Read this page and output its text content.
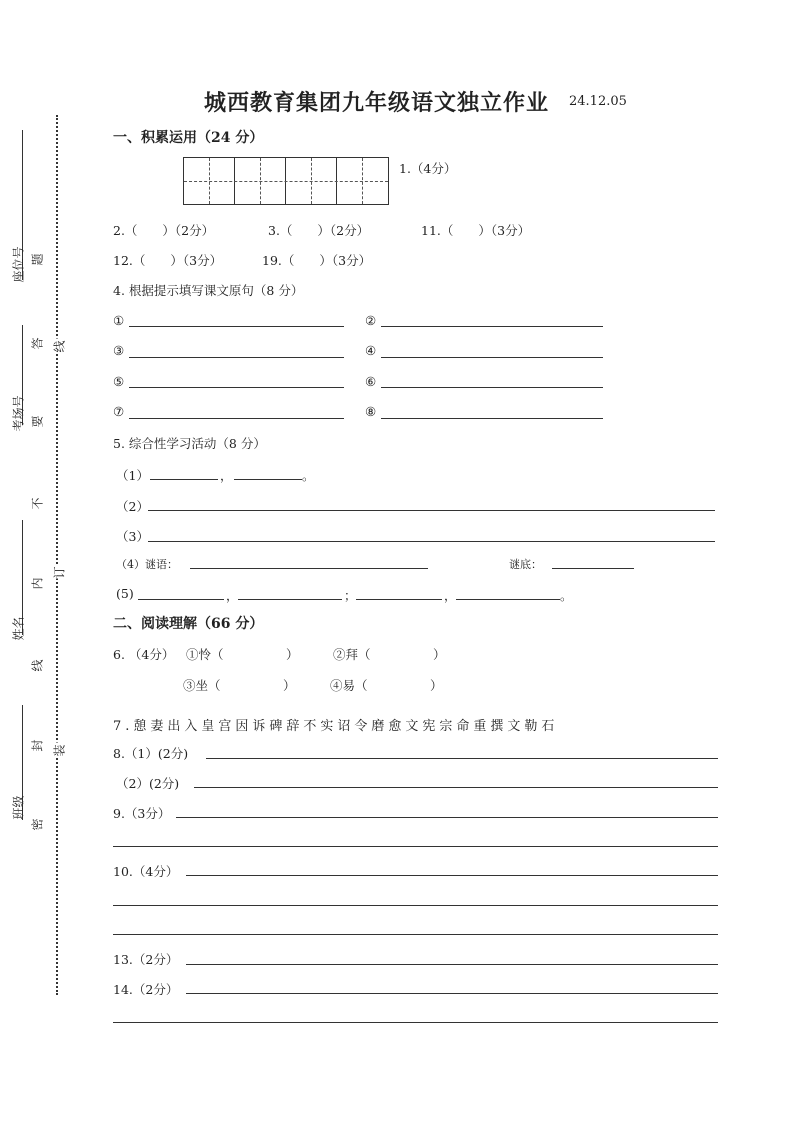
座位号
考场号
姓名
班级
题
答
要
不
内
线
封
密
线
订
装
城西教育集团九年级语文独立作业 24.12.05
一、积累运用（24 分）
1.（4分）
2.（　　）（2分）	3.（　　）（2分）	11.（　　）（3分）
12.（　　）（3分）	19.（　　）（3分）
4. 根据提示填写课文原句（8 分）
①	②
③	④
⑤	⑥
⑦	⑧
5. 综合性学习活动（8 分）
（1）	，	。
（2）
（3）
（4）谜语：	谜底：
(5)	，	；	，	。
二、阅读理解（66 分）
6. （4分） ①怜（　　　　　）	②拜（　　　　　）
③坐（　　　　　）	④易（　　　　　）
7.憩妻出入皇宫因诉碑辞不实诏令磨愈文宪宗命重撰文勒石
8.（1）(2分)
（2）(2分)
9.（3分）
10.（4分）
13.（2分）
14.（2分）
